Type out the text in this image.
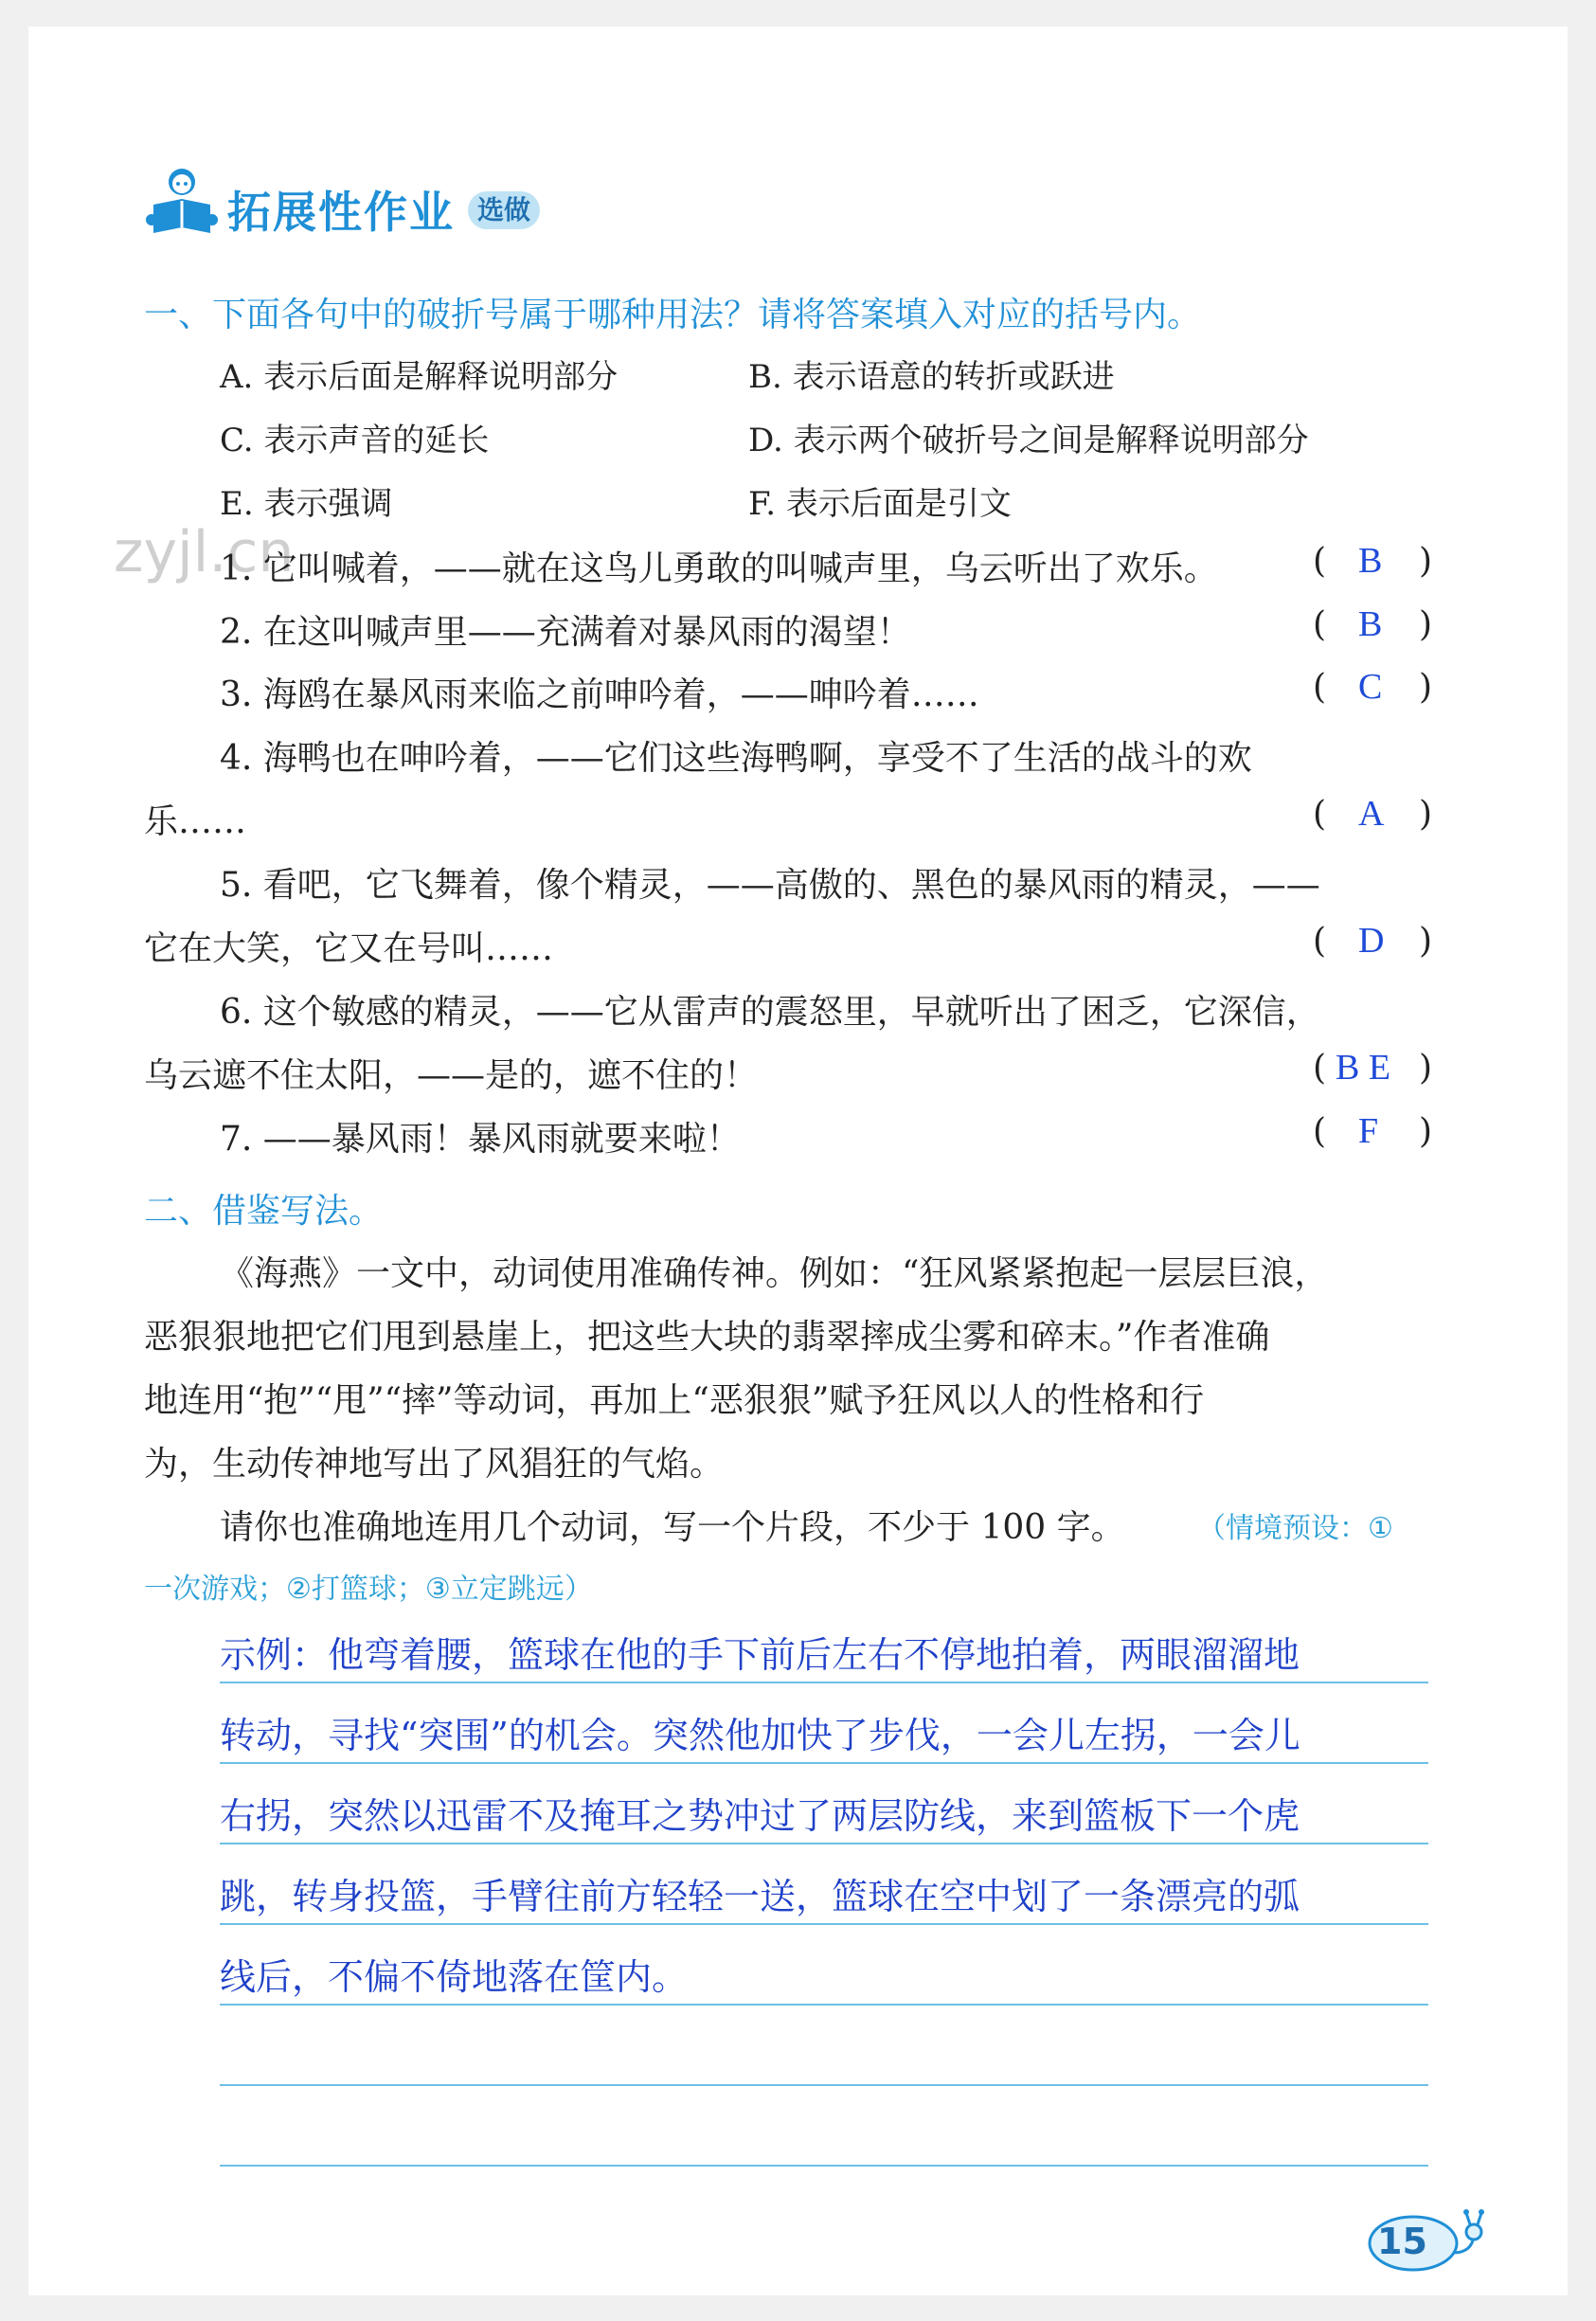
拓展性作业 选做
一、下面各句中的破折号属于哪种用法？请将答案填入对应的括号内。
A. 表示后面是解释说明部分	B. 表示语意的转折或跃进
C. 表示声音的延长	D. 表示两个破折号之间是解释说明部分
E. 表示强调	F. 表示后面是引文
zyjl.cn
1. 它叫喊着，——就在这鸟儿勇敢的叫喊声里，乌云听出了欢乐。	( B )
2. 在这叫喊声里——充满着对暴风雨的渴望！	( B )
3. 海鸥在暴风雨来临之前呻吟着，——呻吟着……	( C )
4. 海鸭也在呻吟着，——它们这些海鸭啊，享受不了生活的战斗的欢
乐……	( A )
5. 看吧，它飞舞着，像个精灵，——高傲的、黑色的暴风雨的精灵，——
它在大笑，它又在号叫……	( D )
6. 这个敏感的精灵，——它从雷声的震怒里，早就听出了困乏，它深信，
乌云遮不住太阳，——是的，遮不住的！	( B E )
7. ——暴风雨！暴风雨就要来啦！	( F )
二、借鉴写法。
《海燕》一文中，动词使用准确传神。例如：“狂风紧紧抱起一层层巨浪，
恶狠狠地把它们甩到悬崖上，把这些大块的翡翠摔成尘雾和碎末。”作者准确
地连用“抱”“甩”“摔”等动词，再加上“恶狠狠”赋予狂风以人的性格和行
为，生动传神地写出了风猖狂的气焰。
请你也准确地连用几个动词，写一个片段，不少于 100 字。	（情境预设：①
一次游戏；②打篮球；③立定跳远）
示例：他弯着腰，篮球在他的手下前后左右不停地拍着，两眼溜溜地
转动，寻找“突围”的机会。突然他加快了步伐，一会儿左拐，一会儿
右拐，突然以迅雷不及掩耳之势冲过了两层防线，来到篮板下一个虎
跳，转身投篮，手臂往前方轻轻一送，篮球在空中划了一条漂亮的弧
线后，不偏不倚地落在筐内。
15
